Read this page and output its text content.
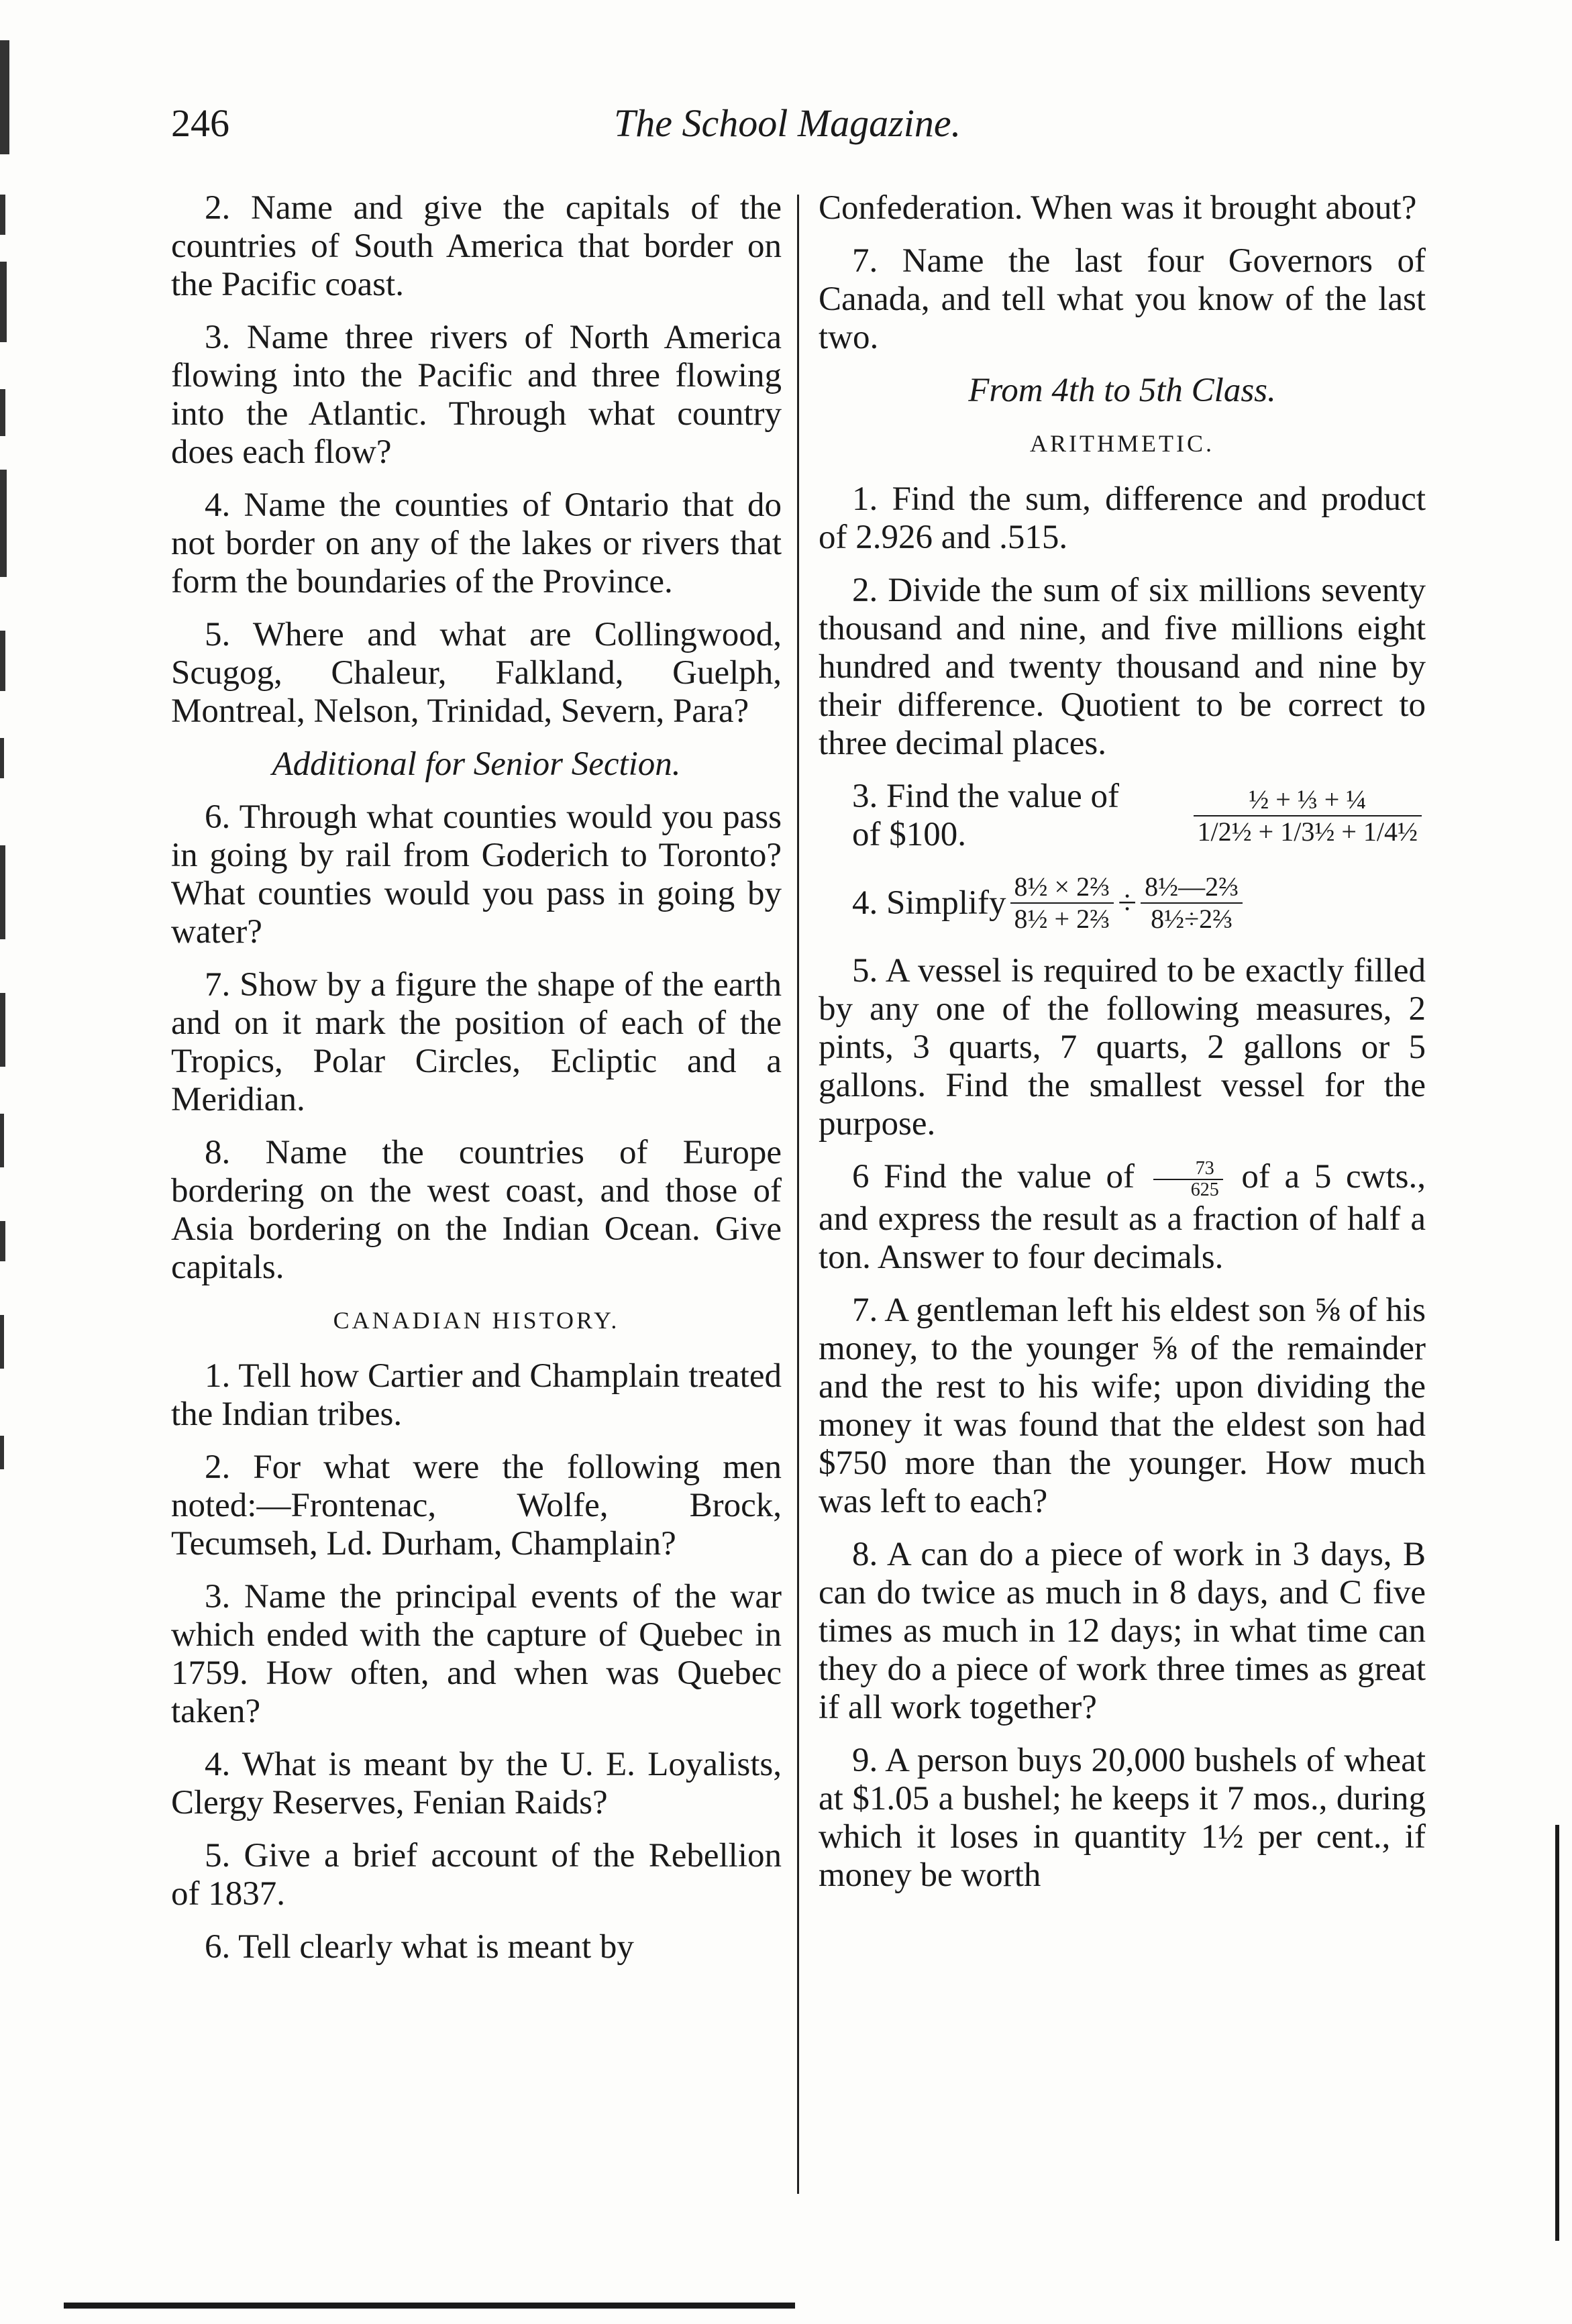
246	The School Magazine.

2. Name and give the capitals of the countries of South America that border on the Pacific coast.

3. Name three rivers of North America flowing into the Pacific and three flowing into the Atlantic. Through what country does each flow?

4. Name the counties of Ontario that do not border on any of the lakes or rivers that form the boundaries of the Province.

5. Where and what are Collingwood, Scugog, Chaleur, Falkland, Guelph, Montreal, Nelson, Trinidad, Severn, Para?

Additional for Senior Section.

6. Through what counties would you pass in going by rail from Goderich to Toronto? What counties would you pass in going by water?

7. Show by a figure the shape of the earth and on it mark the position of each of the Tropics, Polar Circles, Ecliptic and a Meridian.

8. Name the countries of Europe bordering on the west coast, and those of Asia bordering on the Indian Ocean. Give capitals.

CANADIAN HISTORY.

1. Tell how Cartier and Champlain treated the Indian tribes.

2. For what were the following men noted:—Frontenac, Wolfe, Brock, Tecumseh, Ld. Durham, Champlain?

3. Name the principal events of the war which ended with the capture of Quebec in 1759. How often, and when was Quebec taken?

4. What is meant by the U. E. Loyalists, Clergy Reserves, Fenian Raids?

5. Give a brief account of the Rebellion of 1837.

6. Tell clearly what is meant by

Confederation. When was it brought about?

7. Name the last four Governors of Canada, and tell what you know of the last two.

From 4th to 5th Class.
ARITHMETIC.

1. Find the sum, difference and product of 2.926 and .515.

2. Divide the sum of six millions seventy thousand and nine, and five millions eight hundred and twenty thousand and nine by their difference. Quotient to be correct to three decimal places.

3. Find the value of
of $100.	$\frac{\text{½ + ⅓ + ¼}}{\text{1/2½ + 1/3½ + 1/4½}}$
4. Simplify $\frac{\text{8½ × 2⅔}}{\text{8½ + 2⅔}} \div \frac{\text{8½—2⅔}}{\text{8½÷2⅔}}$

5. A vessel is required to be exactly filled by any one of the following measures, 2 pints, 3 quarts, 7 quarts, 2 gallons or 5 gallons. Find the smallest vessel for the purpose.

6 Find the value of $\frac{73}{625}$ of a 5 cwts., and express the result as a fraction of half a ton. Answer to four decimals.

7. A gentleman left his eldest son ⅝ of his money, to the younger ⅝ of the remainder and the rest to his wife; upon dividing the money it was found that the eldest son had $750 more than the younger. How much was left to each?

8. A can do a piece of work in 3 days, B can do twice as much in 8 days, and C five times as much in 12 days; in what time can they do a piece of work three times as great if all work together?

9. A person buys 20,000 bushels of wheat at $1.05 a bushel; he keeps it 7 mos., during which it loses in quantity 1½ per cent., if money be worth
